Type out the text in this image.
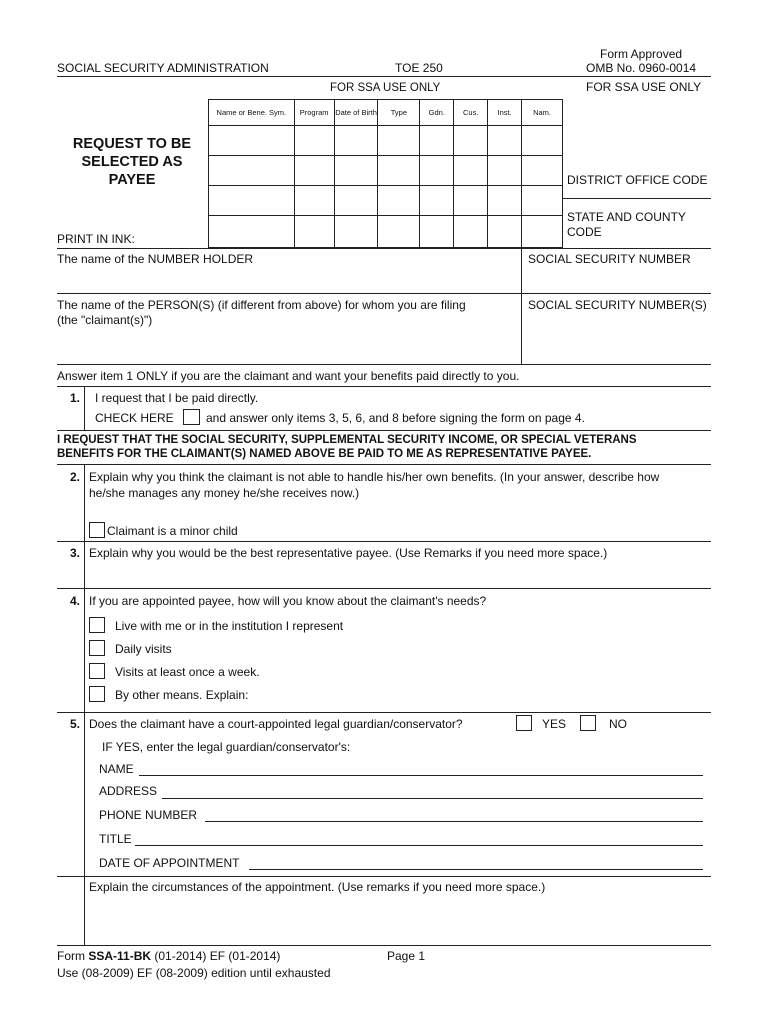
SOCIAL SECURITY ADMINISTRATION	TOE 250
Form Approved
OMB No. 0960-0014
FOR SSA USE ONLY
FOR SSA USE ONLY
Name or Bene. Sym.	Program	Date of Birth	Type	Gdn.	Cus.	Inst.	Nam.

REQUEST TO BE
SELECTED AS
PAYEE	DISTRICT OFFICE CODE
STATE AND COUNTY
CODE
PRINT IN INK:
The name of the NUMBER HOLDER	SOCIAL SECURITY NUMBER
The name of the PERSON(S) (if different from above) for whom you are filing
(the "claimant(s)")
SOCIAL SECURITY NUMBER(S)
Answer item 1 ONLY if you are the claimant and want your benefits paid directly to you.
1. I request that I be paid directly.
CHECK HERE	and answer only items 3, 5, 6, and 8 before signing the form on page 4.
I REQUEST THAT THE SOCIAL SECURITY, SUPPLEMENTAL SECURITY INCOME, OR SPECIAL VETERANS
BENEFITS FOR THE CLAIMANT(S) NAMED ABOVE BE PAID TO ME AS REPRESENTATIVE PAYEE.
2. Explain why you think the claimant is not able to handle his/her own benefits. (In your answer, describe how
he/she manages any money he/she receives now.)
Claimant is a minor child
3. Explain why you would be the best representative payee. (Use Remarks if you need more space.)
4. If you are appointed payee, how will you know about the claimant's needs?
Live with me or in the institution I represent
Daily visits
Visits at least once a week.
By other means. Explain:
5. Does the claimant have a court-appointed legal guardian/conservator?	YES	NO
IF YES, enter the legal guardian/conservator's:
NAME
ADDRESS
PHONE NUMBER
TITLE
DATE OF APPOINTMENT
Explain the circumstances of the appointment. (Use remarks if you need more space.)
Form SSA-11-BK (01-2014) EF (01-2014)	Page 1
Use (08-2009) EF (08-2009) edition until exhausted
